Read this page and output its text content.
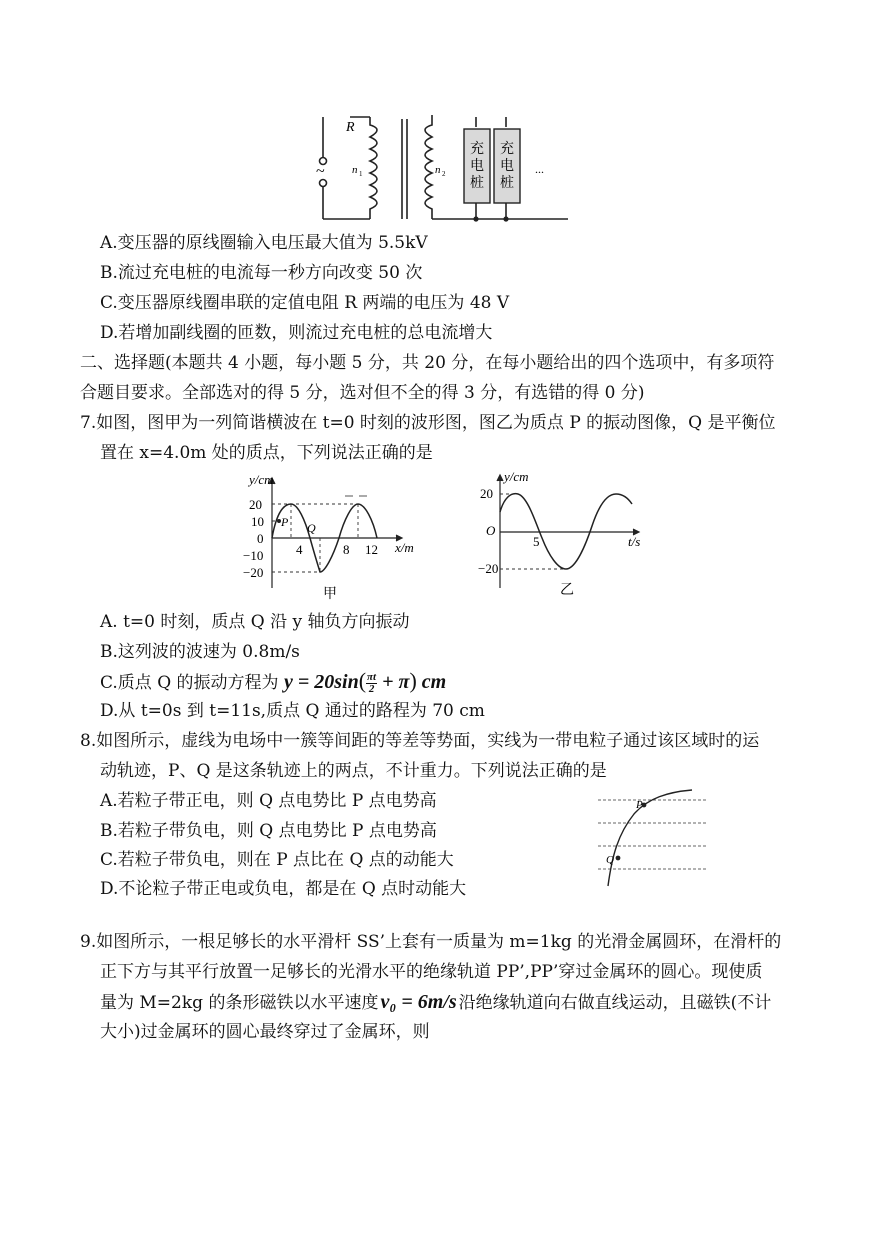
R
~ n 1	n 2
充
电
桩
充
电
桩
...
A.变压器的原线圈输入电压最大值为 5.5kV
B.流过充电桩的电流每一秒方向改变 50 次
C.变压器原线圈串联的定值电阻 R 两端的电压为 48 V
D.若增加副线圈的匝数，则流过充电桩的总电流增大
二、选择题(本题共 4 小题，每小题 5 分，共 20 分，在每小题给出的四个选项中，有多项符
合题目要求。全部选对的得 5 分，选对但不全的得 3 分，有选错的得 0 分)
7.如图，图甲为一列简谐横波在 t=0 时刻的波形图，图乙为质点 P 的振动图像，Q 是平衡位
置在 x=4.0m 处的质点，下列说法正确的是
y/cm
x/m
20
10
0
−10
−20
4	8 12
P Q
甲
y/cm
t/s
20
O
−20
5
乙
A. t=0 时刻，质点 Q 沿 y 轴负方向振动
B.这列波的波速为 0.8m/s
C.质点 Q 的振动方程为 $y = 20\sin( \frac{\pi t}{2} + \pi)$ cm
D.从 t=0s 到 t=11s,质点 Q 通过的路程为 70 cm
8.如图所示，虚线为电场中一簇等间距的等差等势面，实线为一带电粒子通过该区域时的运
动轨迹，P、Q 是这条轨迹上的两点，不计重力。下列说法正确的是
A.若粒子带正电，则 Q 点电势比 P 点电势高
B.若粒子带负电，则 Q 点电势比 P 点电势高
C.若粒子带负电，则在 P 点比在 Q 点的动能大
D.不论粒子带正电或负电，都是在 Q 点时动能大
P
Q
9.如图所示，一根足够长的水平滑杆 SS’上套有一质量为 m=1kg 的光滑金属圆环，在滑杆的
正下方与其平行放置一足够长的光滑水平的绝缘轨道 PP’,PP’穿过金属环的圆心。现使质
量为 M=2kg 的条形磁铁以水平速度 v₀ = 6m/s 沿绝缘轨道向右做直线运动，且磁铁(不计
大小)过金属环的圆心最终穿过了金属环，则
